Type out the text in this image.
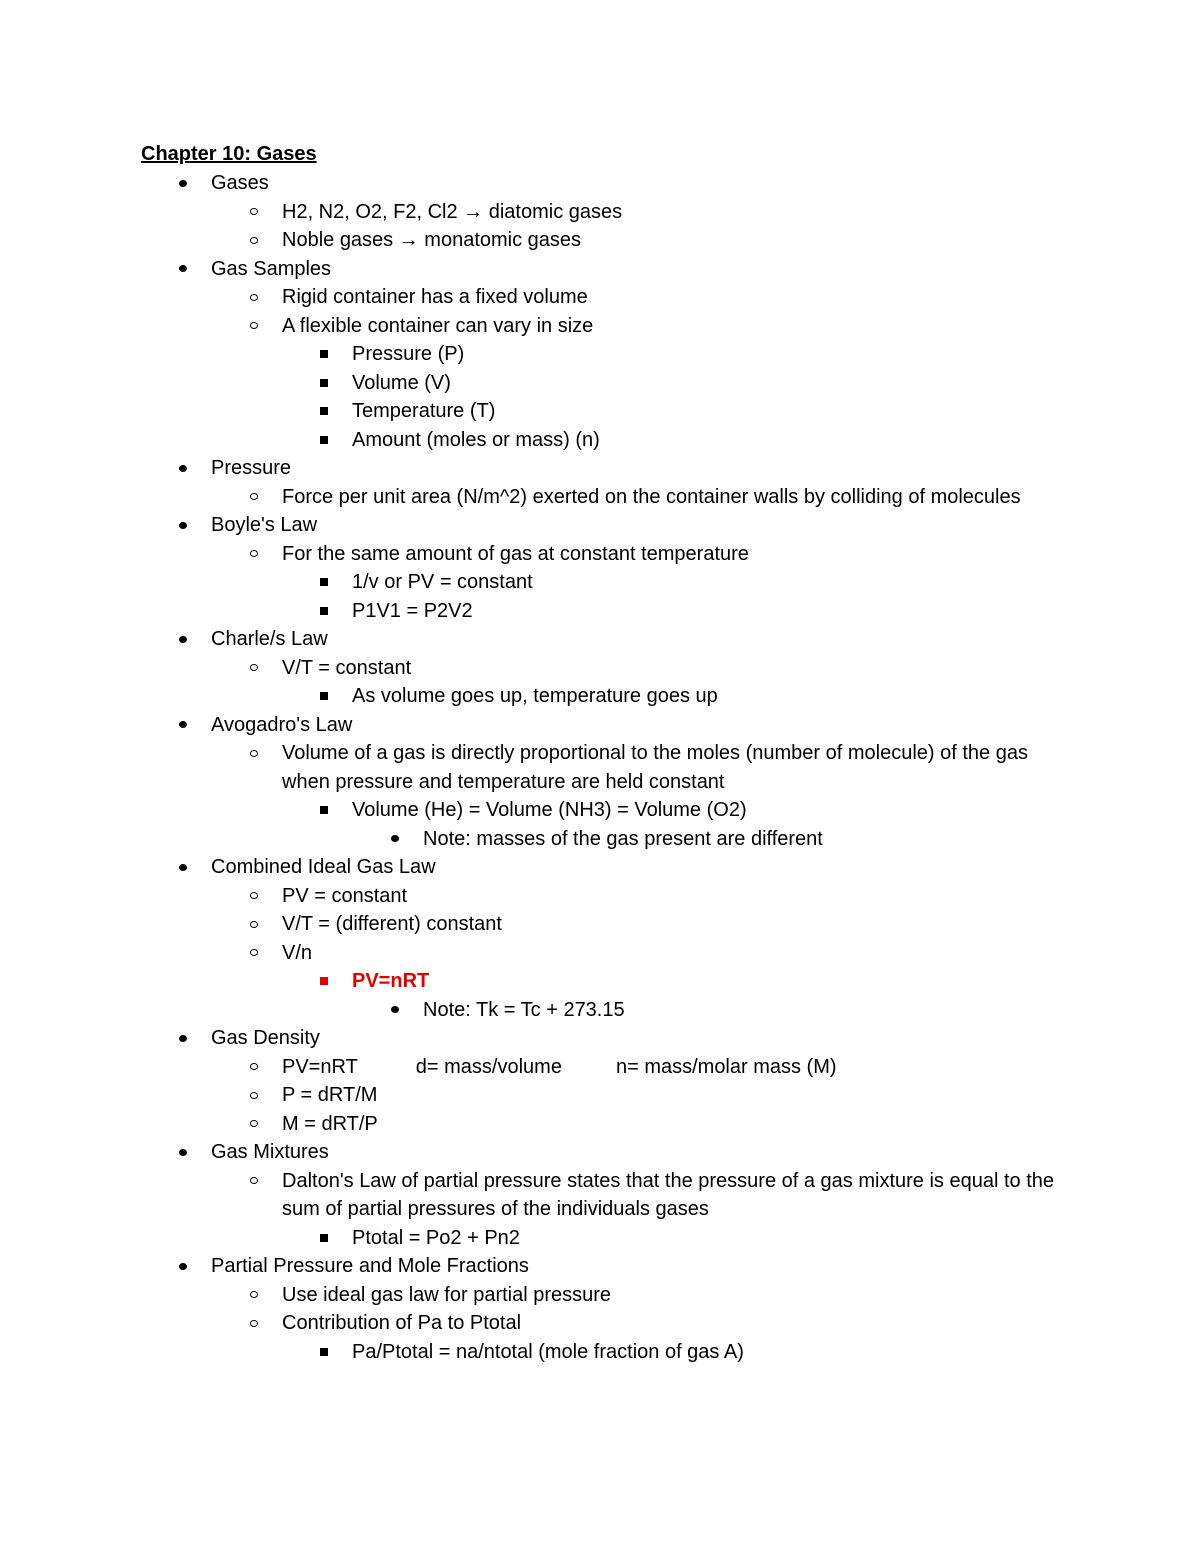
Chapter 10: Gases
Gases
H2, N2, O2, F2, Cl2 → diatomic gases
Noble gases → monatomic gases
Gas Samples
Rigid container has a fixed volume
A flexible container can vary in size
Pressure (P)
Volume (V)
Temperature (T)
Amount (moles or mass) (n)
Pressure
Force per unit area (N/m^2) exerted on the container walls by colliding of molecules
Boyle's Law
For the same amount of gas at constant temperature
1/v or PV = constant
P1V1 = P2V2
Charle/s Law
V/T = constant
As volume goes up, temperature goes up
Avogadro's Law
Volume of a gas is directly proportional to the moles (number of molecule) of the gas when pressure and temperature are held constant
Volume (He) = Volume (NH3) = Volume (O2)
Note: masses of the gas present are different
Combined Ideal Gas Law
PV = constant
V/T = (different) constant
V/n
PV=nRT
Note: Tk = Tc + 273.15
Gas Density
PV=nRT	d= mass/volume	n= mass/molar mass (M)
P = dRT/M
M = dRT/P
Gas Mixtures
Dalton's Law of partial pressure states that the pressure of a gas mixture is equal to the sum of partial pressures of the individuals gases
Ptotal = Po2 + Pn2
Partial Pressure and Mole Fractions
Use ideal gas law for partial pressure
Contribution of Pa to Ptotal
Pa/Ptotal = na/ntotal (mole fraction of gas A)
